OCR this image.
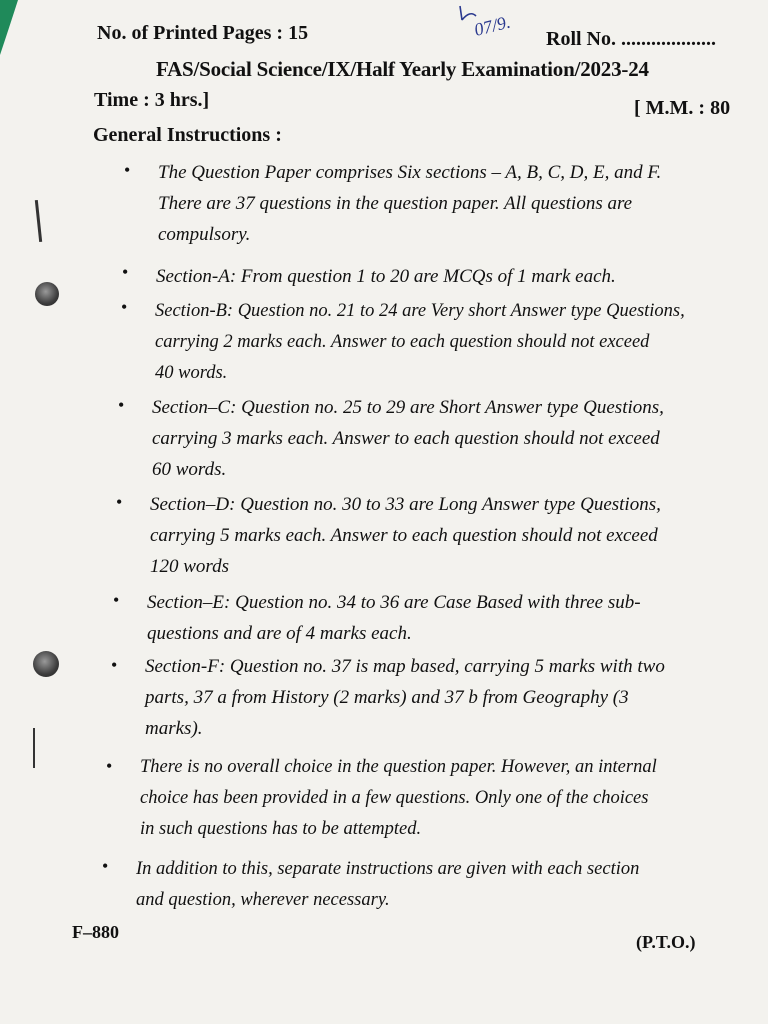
07/9.
No. of Printed Pages : 15	Roll No. ...................
FAS/Social Science/IX/Half Yearly Examination/2023-24
Time : 3 hrs.]	[ M.M. : 80
General Instructions :
• The Question Paper comprises Six sections – A, B, C, D, E, and F.
There are 37 questions in the question paper. All questions are
compulsory.
• Section-A: From question 1 to 20 are MCQs of 1 mark each.
• Section-B: Question no. 21 to 24 are Very short Answer type Questions,
carrying 2 marks each. Answer to each question should not exceed
40 words.
• Section–C: Question no. 25 to 29 are Short Answer type Questions,
carrying 3 marks each. Answer to each question should not exceed
60 words.
• Section–D: Question no. 30 to 33 are Long Answer type Questions,
carrying 5 marks each. Answer to each question should not exceed
120 words
• Section–E: Question no. 34 to 36 are Case Based with three sub-
questions and are of 4 marks each.
• Section-F: Question no. 37 is map based, carrying 5 marks with two
parts, 37 a from History (2 marks) and 37 b from Geography (3
marks).
• There is no overall choice in the question paper. However, an internal
choice has been provided in a few questions. Only one of the choices
in such questions has to be attempted.
• In addition to this, separate instructions are given with each section
and question, wherever necessary.
F–880	(P.T.O.)
